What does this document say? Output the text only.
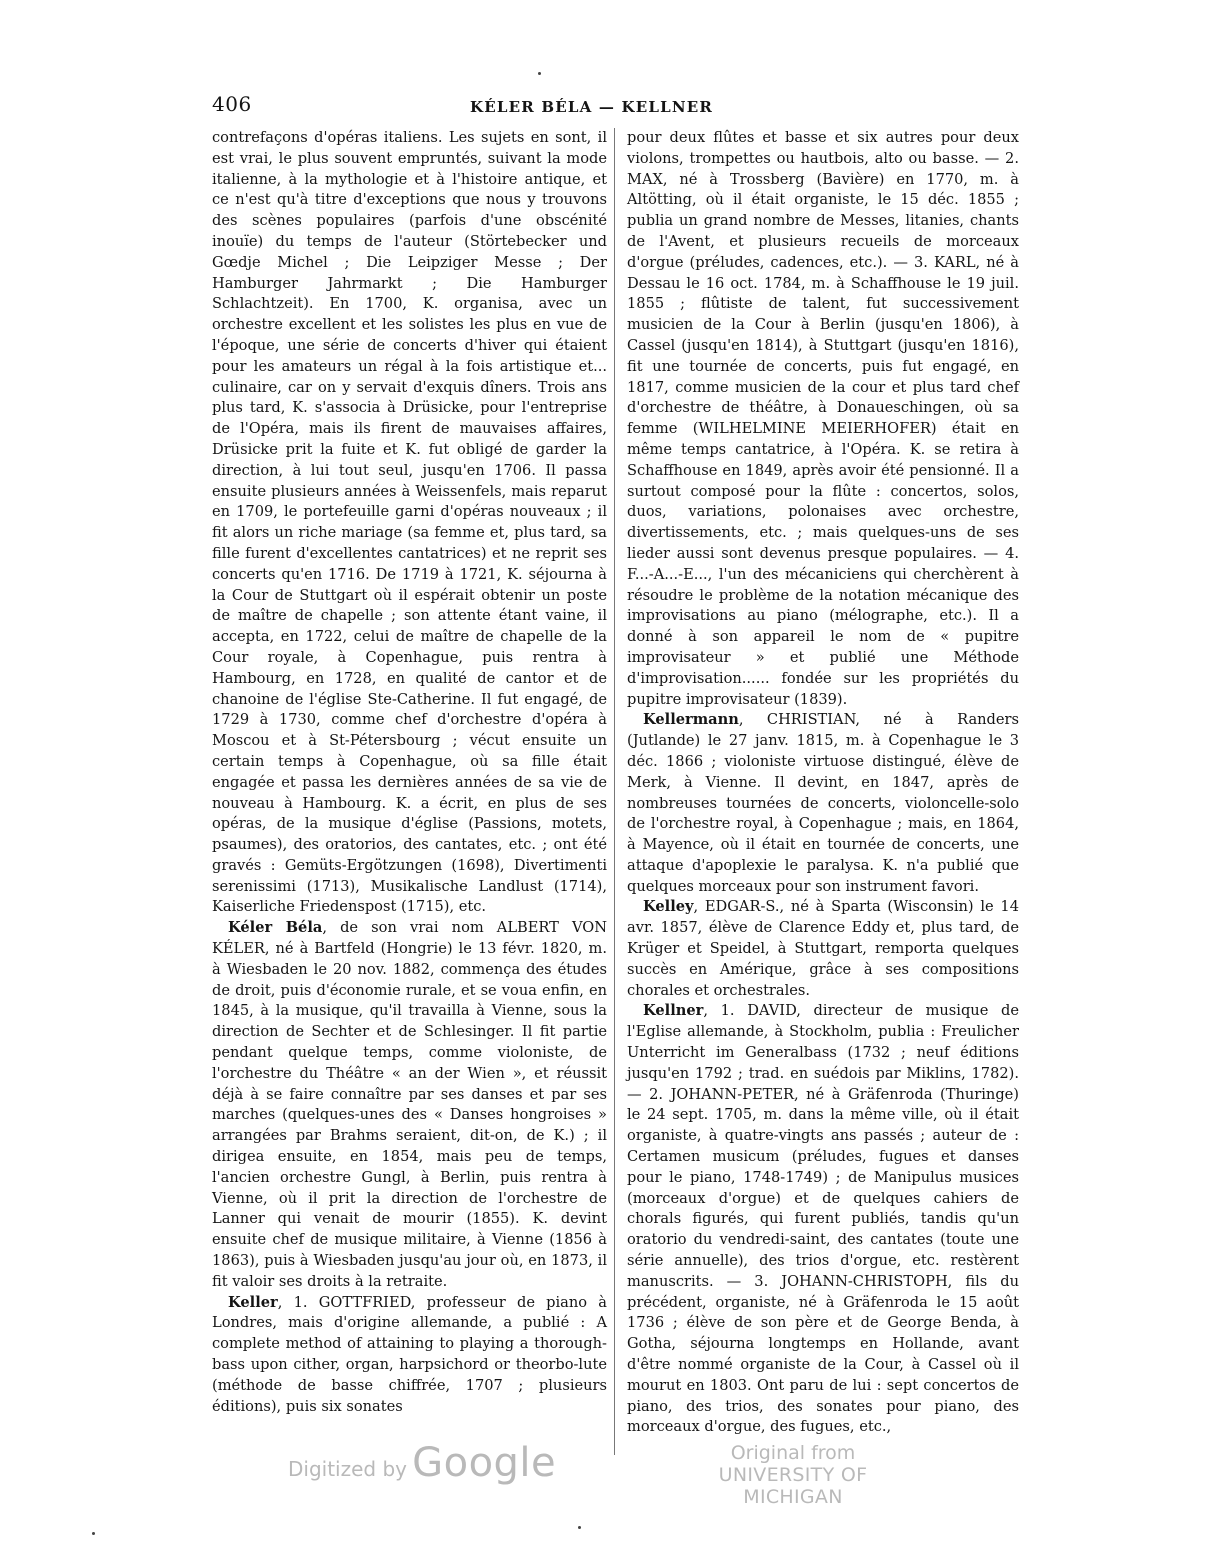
406	KÉLER BÉLA — KELLNER

contrefaçons d'opéras italiens. Les sujets en sont, il est vrai, le plus souvent empruntés, suivant la mode italienne, à la mythologie et à l'histoire antique, et ce n'est qu'à titre d'exceptions que nous y trouvons des scènes populaires (parfois d'une obscénité inouïe) du temps de l'auteur (Störtebecker und Gœdje Michel ; Die Leipziger Messe ; Der Hamburger Jahrmarkt ; Die Hamburger Schlachtzeit). En 1700, K. organisa, avec un orchestre excellent et les solistes les plus en vue de l'époque, une série de concerts d'hiver qui étaient pour les amateurs un régal à la fois artistique et... culinaire, car on y servait d'exquis dîners. Trois ans plus tard, K. s'associa à Drüsicke, pour l'entreprise de l'Opéra, mais ils firent de mauvaises affaires, Drüsicke prit la fuite et K. fut obligé de garder la direction, à lui tout seul, jusqu'en 1706. Il passa ensuite plusieurs années à Weissenfels, mais reparut en 1709, le portefeuille garni d'opéras nouveaux ; il fit alors un riche mariage (sa femme et, plus tard, sa fille furent d'excellentes cantatrices) et ne reprit ses concerts qu'en 1716. De 1719 à 1721, K. séjourna à la Cour de Stuttgart où il espérait obtenir un poste de maître de chapelle ; son attente étant vaine, il accepta, en 1722, celui de maître de chapelle de la Cour royale, à Copenhague, puis rentra à Hambourg, en 1728, en qualité de cantor et de chanoine de l'église Ste-Catherine. Il fut engagé, de 1729 à 1730, comme chef d'orchestre d'opéra à Moscou et à St-Pétersbourg ; vécut ensuite un certain temps à Copenhague, où sa fille était engagée et passa les dernières années de sa vie de nouveau à Hambourg. K. a écrit, en plus de ses opéras, de la musique d'église (Passions, motets, psaumes), des oratorios, des cantates, etc. ; ont été gravés : Gemüts-Ergötzungen (1698), Divertimenti serenissimi (1713), Musikalische Landlust (1714), Kaiserliche Friedenspost (1715), etc.

Kéler Béla, de son vrai nom ALBERT VON KÉLER, né à Bartfeld (Hongrie) le 13 févr. 1820, m. à Wiesbaden le 20 nov. 1882, commença des études de droit, puis d'économie rurale, et se voua enfin, en 1845, à la musique, qu'il travailla à Vienne, sous la direction de Sechter et de Schlesinger. Il fit partie pendant quelque temps, comme violoniste, de l'orchestre du Théâtre « an der Wien », et réussit déjà à se faire connaître par ses danses et par ses marches (quelques-unes des « Danses hongroises » arrangées par Brahms seraient, dit-on, de K.) ; il dirigea ensuite, en 1854, mais peu de temps, l'ancien orchestre Gungl, à Berlin, puis rentra à Vienne, où il prit la direction de l'orchestre de Lanner qui venait de mourir (1855). K. devint ensuite chef de musique militaire, à Vienne (1856 à 1863), puis à Wiesbaden jusqu'au jour où, en 1873, il fit valoir ses droits à la retraite.

Keller, 1. GOTTFRIED, professeur de piano à Londres, mais d'origine allemande, a publié : A complete method of attaining to playing a thorough-bass upon cither, organ, harpsichord or theorbo-lute (méthode de basse chiffrée, 1707 ; plusieurs éditions), puis six sonates

pour deux flûtes et basse et six autres pour deux violons, trompettes ou hautbois, alto ou basse. — 2. MAX, né à Trossberg (Bavière) en 1770, m. à Altötting, où il était organiste, le 15 déc. 1855 ; publia un grand nombre de Messes, litanies, chants de l'Avent, et plusieurs recueils de morceaux d'orgue (préludes, cadences, etc.). — 3. KARL, né à Dessau le 16 oct. 1784, m. à Schaffhouse le 19 juil. 1855 ; flûtiste de talent, fut successivement musicien de la Cour à Berlin (jusqu'en 1806), à Cassel (jusqu'en 1814), à Stuttgart (jusqu'en 1816), fit une tournée de concerts, puis fut engagé, en 1817, comme musicien de la cour et plus tard chef d'orchestre de théâtre, à Donaueschingen, où sa femme (WILHELMINE MEIERHOFER) était en même temps cantatrice, à l'Opéra. K. se retira à Schaffhouse en 1849, après avoir été pensionné. Il a surtout composé pour la flûte : concertos, solos, duos, variations, polonaises avec orchestre, divertissements, etc. ; mais quelques-uns de ses lieder aussi sont devenus presque populaires. — 4. F...-A...-E..., l'un des mécaniciens qui cherchèrent à résoudre le problème de la notation mécanique des improvisations au piano (mélographe, etc.). Il a donné à son appareil le nom de « pupitre improvisateur » et publié une Méthode d'improvisation...... fondée sur les propriétés du pupitre improvisateur (1839).

Kellermann, CHRISTIAN, né à Randers (Jutlande) le 27 janv. 1815, m. à Copenhague le 3 déc. 1866 ; violoniste virtuose distingué, élève de Merk, à Vienne. Il devint, en 1847, après de nombreuses tournées de concerts, violoncelle-solo de l'orchestre royal, à Copenhague ; mais, en 1864, à Mayence, où il était en tournée de concerts, une attaque d'apoplexie le paralysa. K. n'a publié que quelques morceaux pour son instrument favori.

Kelley, EDGAR-S., né à Sparta (Wisconsin) le 14 avr. 1857, élève de Clarence Eddy et, plus tard, de Krüger et Speidel, à Stuttgart, remporta quelques succès en Amérique, grâce à ses compositions chorales et orchestrales.

Kellner, 1. DAVID, directeur de musique de l'Eglise allemande, à Stockholm, publia : Freulicher Unterricht im Generalbass (1732 ; neuf éditions jusqu'en 1792 ; trad. en suédois par Miklins, 1782). — 2. JOHANN-PETER, né à Gräfenroda (Thuringe) le 24 sept. 1705, m. dans la même ville, où il était organiste, à quatre-vingts ans passés ; auteur de : Certamen musicum (préludes, fugues et danses pour le piano, 1748-1749) ; de Manipulus musices (morceaux d'orgue) et de quelques cahiers de chorals figurés, qui furent publiés, tandis qu'un oratorio du vendredi-saint, des cantates (toute une série annuelle), des trios d'orgue, etc. restèrent manuscrits. — 3. JOHANN-CHRISTOPH, fils du précédent, organiste, né à Gräfenroda le 15 août 1736 ; élève de son père et de George Benda, à Gotha, séjourna longtemps en Hollande, avant d'être nommé organiste de la Cour, à Cassel où il mourut en 1803. Ont paru de lui : sept concertos de piano, des trios, des sonates pour piano, des morceaux d'orgue, des fugues, etc.,

Digitized by Google	Original from
UNIVERSITY OF MICHIGAN
